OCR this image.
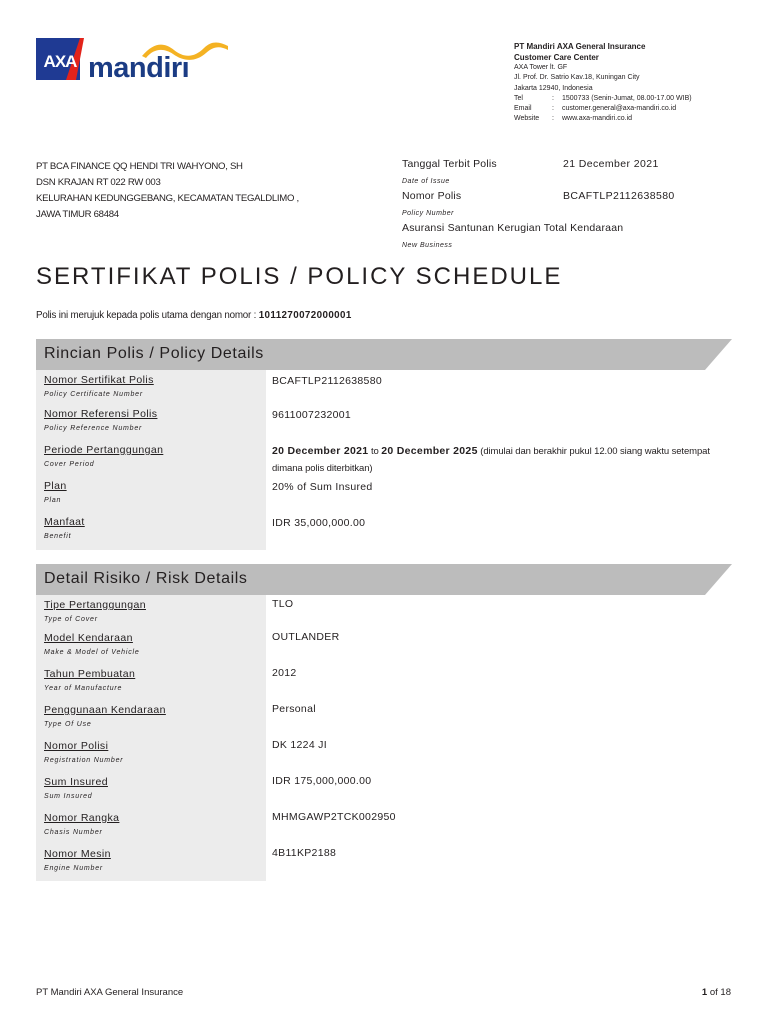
AXA mandiri
PT Mandiri AXA General Insurance
Customer Care Center
AXA Tower lt. GF
Jl. Prof. Dr. Satrio Kav.18, Kuningan City
Jakarta 12940, Indonesia
Tel	:	1500733 (Senin-Jumat, 08.00-17.00 WIB)
Email	:	customer.general@axa-mandiri.co.id
Website	:	www.axa-mandiri.co.id
PT BCA FINANCE QQ HENDI TRI WAHYONO, SH
DSN KRAJAN RT 022 RW 003
KELURAHAN KEDUNGGEBANG, KECAMATAN TEGALDLIMO ,
JAWA TIMUR 68484
Tanggal Terbit Polis	21 December 2021
Date of Issue
Nomor Polis	BCAFTLP2112638580
Policy Number
Asuransi Santunan Kerugian Total Kendaraan
New Business
SERTIFIKAT POLIS / POLICY SCHEDULE
Polis ini merujuk kepada polis utama dengan nomor : 1011270072000001
Rincian Polis / Policy Details
Nomor Sertifikat Polis
Policy Certificate Number
BCAFTLP2112638580
Nomor Referensi Polis
Policy Reference Number
9611007232001
Periode Pertanggungan
Cover Period
20 December 2021 to 20 December 2025 (dimulai dan berakhir pukul 12.00 siang waktu setempat dimana polis diterbitkan)
Plan
Plan
20% of Sum Insured
Manfaat
Benefit
IDR 35,000,000.00
Detail Risiko / Risk Details
Tipe Pertanggungan
Type of Cover
TLO
Model Kendaraan
Make & Model of Vehicle
OUTLANDER
Tahun Pembuatan
Year of Manufacture
2012
Penggunaan Kendaraan
Type Of Use
Personal
Nomor Polisi
Registration Number
DK 1224 JI
Sum Insured
Sum Insured
IDR 175,000,000.00
Nomor Rangka
Chasis Number
MHMGAWP2TCK002950
Nomor Mesin
Engine Number
4B11KP2188
PT Mandiri AXA General Insurance	1 of 18
